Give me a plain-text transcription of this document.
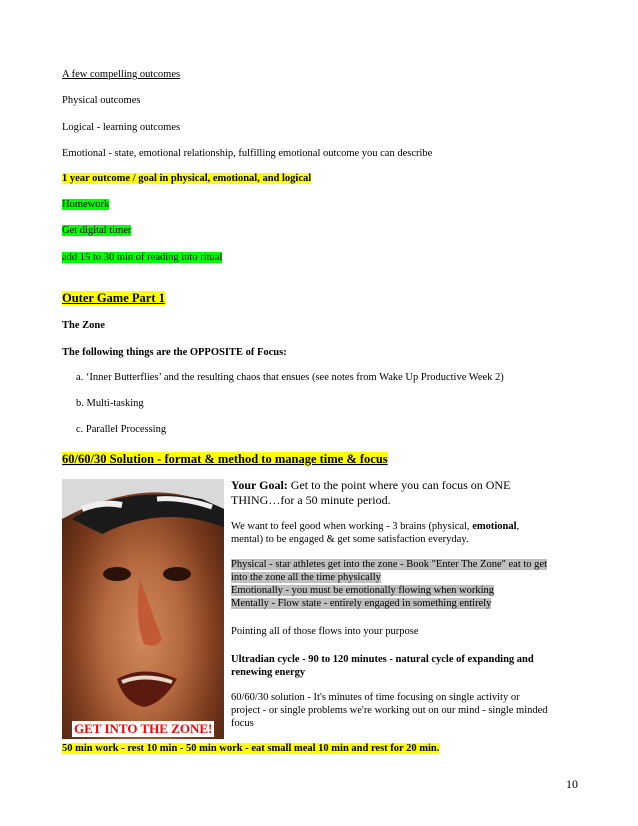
A few compelling outcomes
Physical outcomes
Logical - learning outcomes
Emotional - state, emotional relationship, fulfilling emotional outcome you can describe
1 year outcome / goal in physical, emotional, and logical
Homework
Get digital timer
add 15 to 30 min of reading into ritual
Outer Game Part 1
The Zone
The following things are the OPPOSITE of Focus:
a. ‘Inner Butterflies’ and the resulting chaos that ensues (see notes from Wake Up Productive Week 2)
b. Multi-tasking
c. Parallel Processing
60/60/30 Solution - format & method to manage time & focus
GET INTO THE ZONE!
Your Goal: Get to the point where you can focus on ONE
THING…for a 50 minute period.
We want to feel good when working - 3 brains (physical, emotional,
mental) to be engaged & get some satisfaction everyday.
Physical - star athletes get into the zone - Book "Enter The Zone" eat to get
into the zone all the time physically
Emotionally - you must be emotionally flowing when working
Mentally - Flow state - entirely engaged in something entirely
Pointing all of those flows into your purpose
Ultradian cycle - 90 to 120 minutes - natural cycle of expanding and
renewing energy
60/60/30 solution - It's minutes of time focusing on single activity or
project - or single problems we're working out on our mind - single minded
focus
50 min work - rest 10 min - 50 min work - eat small meal 10 min and rest for 20 min.
10
